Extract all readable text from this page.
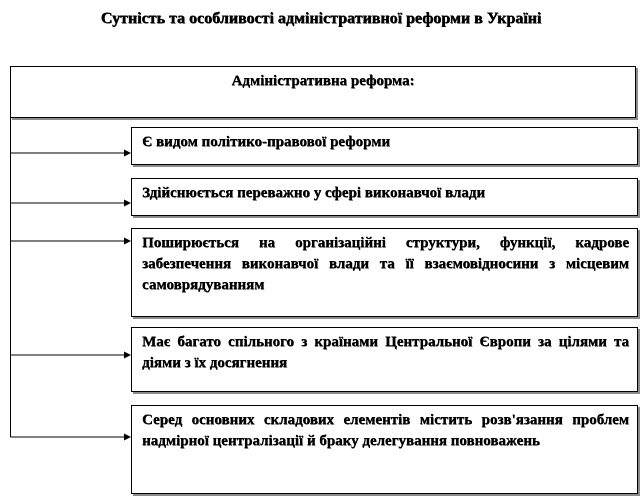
Сутність та особливості адміністративної реформи в Україні
Адміністративна реформа:
Є видом політико-правової реформи
Здійснюється переважно у сфері виконавчої влади
Поширюється на організаційні структури, функції, кадрове забезпечення виконавчої влади та її взаємовідносини з місцевим самоврядуванням
Має багато спільного з країнами Центральної Європи за цілями та діями з їх досягнення
Серед основних складових елементів містить розв'язання проблем надмірної централізації й браку делегування повноважень
